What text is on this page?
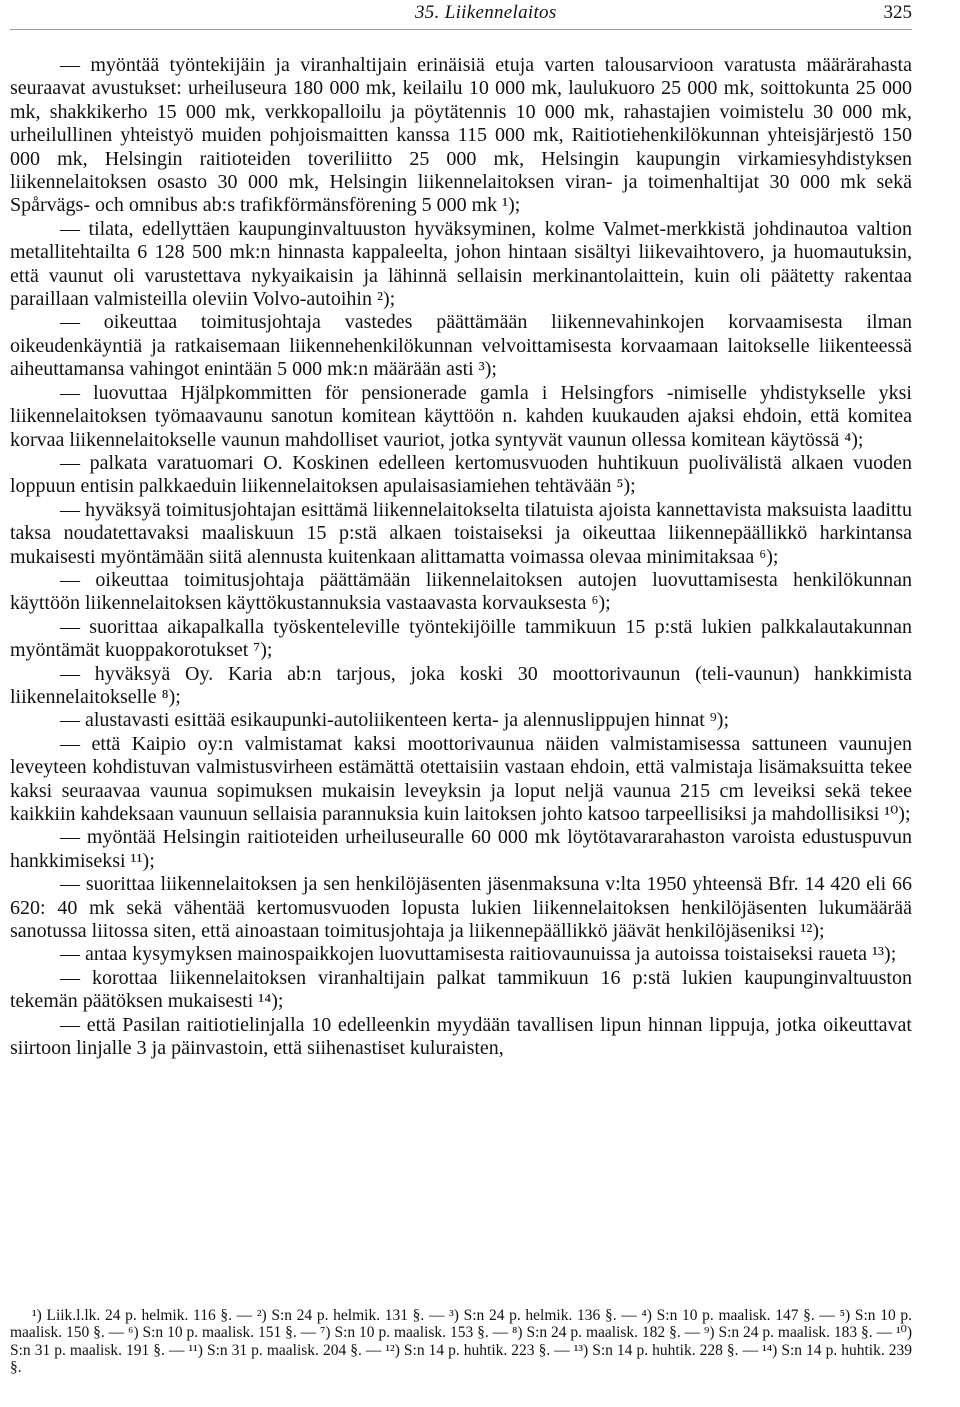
35. Liikennelaitos	325

— myöntää työntekijäin ja viranhaltijain erinäisiä etuja varten talousarvioon varatusta määrärahasta seuraavat avustukset: urheiluseura 180 000 mk, keilailu 10 000 mk, laulukuoro 25 000 mk, soittokunta 25 000 mk, shakkikerho 15 000 mk, verkkopalloilu ja pöytätennis 10 000 mk, rahastajien voimistelu 30 000 mk, urheilullinen yhteistyö muiden pohjoismaitten kanssa 115 000 mk, Raitiotiehenkilökunnan yhteisjärjestö 150 000 mk, Helsingin raitioteiden toveriliitto 25 000 mk, Helsingin kaupungin virkamiesyhdistyksen liikennelaitoksen osasto 30 000 mk, Helsingin liikennelaitoksen viran- ja toimenhaltijat 30 000 mk sekä Spårvägs- och omnibus ab:s trafikförmänsförening 5 000 mk ¹);

— tilata, edellyttäen kaupunginvaltuuston hyväksyminen, kolme Valmet-merkkistä johdinautoa valtion metallitehtailta 6 128 500 mk:n hinnasta kappaleelta, johon hintaan sisältyi liikevaihtovero, ja huomautuksin, että vaunut oli varustettava nykyaikaisin ja lähinnä sellaisin merkinantolaittein, kuin oli päätetty rakentaa paraillaan valmisteilla oleviin Volvo-autoihin ²);

— oikeuttaa toimitusjohtaja vastedes päättämään liikennevahinkojen korvaamisesta ilman oikeudenkäyntiä ja ratkaisemaan liikennehenkilökunnan velvoittamisesta korvaamaan laitokselle liikenteessä aiheuttamansa vahingot enintään 5 000 mk:n määrään asti ³);

— luovuttaa Hjälpkommitten för pensionerade gamla i Helsingfors -nimiselle yhdistykselle yksi liikennelaitoksen työmaavaunu sanotun komitean käyttöön n. kahden kuukauden ajaksi ehdoin, että komitea korvaa liikennelaitokselle vaunun mahdolliset vauriot, jotka syntyvät vaunun ollessa komitean käytössä ⁴);

— palkata varatuomari O. Koskinen edelleen kertomusvuoden huhtikuun puolivälistä alkaen vuoden loppuun entisin palkkaeduin liikennelaitoksen apulaisasiamiehen tehtävään ⁵);

— hyväksyä toimitusjohtajan esittämä liikennelaitokselta tilatuista ajoista kannettavista maksuista laadittu taksa noudatettavaksi maaliskuun 15 p:stä alkaen toistaiseksi ja oikeuttaa liikennepäällikkö harkintansa mukaisesti myöntämään siitä alennusta kuitenkaan alittamatta voimassa olevaa minimitaksaa ⁶);

— oikeuttaa toimitusjohtaja päättämään liikennelaitoksen autojen luovuttamisesta henkilökunnan käyttöön liikennelaitoksen käyttökustannuksia vastaavasta korvauksesta ⁶);

— suorittaa aikapalkalla työskenteleville työntekijöille tammikuun 15 p:stä lukien palkkalautakunnan myöntämät kuoppakorotukset ⁷);

— hyväksyä Oy. Karia ab:n tarjous, joka koski 30 moottorivaunun (teli-vaunun) hankkimista liikennelaitokselle ⁸);

— alustavasti esittää esikaupunki-autoliikenteen kerta- ja alennuslippujen hinnat ⁹);

— että Kaipio oy:n valmistamat kaksi moottorivaunua näiden valmistamisessa sattuneen vaunujen leveyteen kohdistuvan valmistusvirheen estämättä otettaisiin vastaan ehdoin, että valmistaja lisämaksuitta tekee kaksi seuraavaa vaunua sopimuksen mukaisin leveyksin ja loput neljä vaunua 215 cm leveiksi sekä tekee kaikkiin kahdeksaan vaunuun sellaisia parannuksia kuin laitoksen johto katsoo tarpeellisiksi ja mahdollisiksi ¹⁰);

— myöntää Helsingin raitioteiden urheiluseuralle 60 000 mk löytötavararahaston varoista edustuspuvun hankkimiseksi ¹¹);

— suorittaa liikennelaitoksen ja sen henkilöjäsenten jäsenmaksuna v:lta 1950 yhteensä Bfr. 14 420 eli 66 620: 40 mk sekä vähentää kertomusvuoden lopusta lukien liikennelaitoksen henkilöjäsenten lukumäärää sanotussa liitossa siten, että ainoastaan toimitusjohtaja ja liikennepäällikkö jäävät henkilöjäseniksi ¹²);

— antaa kysymyksen mainospaikkojen luovuttamisesta raitiovaunuissa ja autoissa toistaiseksi raueta ¹³);

— korottaa liikennelaitoksen viranhaltijain palkat tammikuun 16 p:stä lukien kaupunginvaltuuston tekemän päätöksen mukaisesti ¹⁴);

— että Pasilan raitiotielinjalla 10 edelleenkin myydään tavallisen lipun hinnan lippuja, jotka oikeuttavat siirtoon linjalle 3 ja päinvastoin, että siihenastiset kuluraisten,

¹) Liik.l.lk. 24 p. helmik. 116 §. — ²) S:n 24 p. helmik. 131 §. — ³) S:n 24 p. helmik. 136 §. — ⁴) S:n 10 p. maalisk. 147 §. — ⁵) S:n 10 p. maalisk. 150 §. — ⁶) S:n 10 p. maalisk. 151 §. — ⁷) S:n 10 p. maalisk. 153 §. — ⁸) S:n 24 p. maalisk. 182 §. — ⁹) S:n 24 p. maalisk. 183 §. — ¹⁰) S:n 31 p. maalisk. 191 §. — ¹¹) S:n 31 p. maalisk. 204 §. — ¹²) S:n 14 p. huhtik. 223 §. — ¹³) S:n 14 p. huhtik. 228 §. — ¹⁴) S:n 14 p. huhtik. 239 §.
